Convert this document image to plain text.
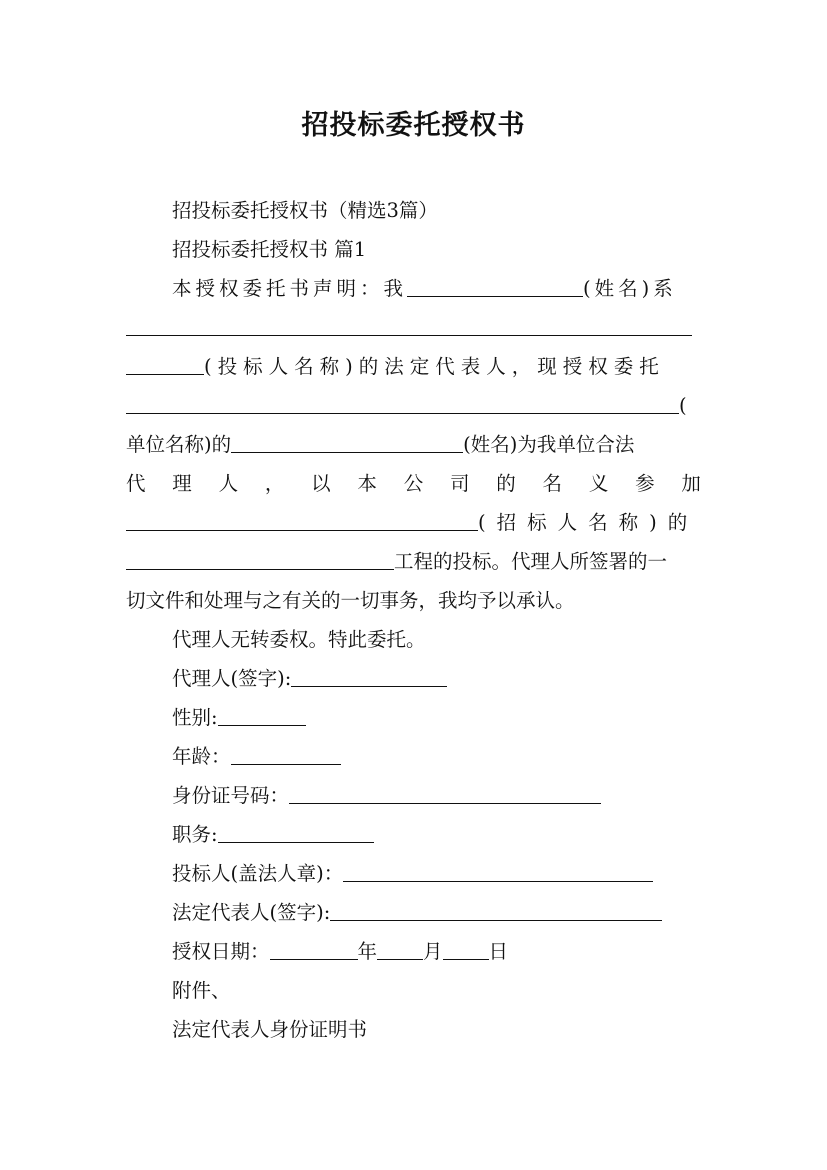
招投标委托授权书
招投标委托授权书（精选3篇）
招投标委托授权书 篇1
本授权委托书声明：我	(姓名)系
(投标人名称)的法定代表人，现授权委托
(
单位名称)的	(姓名)为我单位合法
代 理 人 ， 以 本 公 司 的 名 义 参 加
(招标人名称)的
工程的投标。代理人所签署的一
切文件和处理与之有关的一切事务，我均予以承认。
代理人无转委权。特此委托。
代理人(签字):
性别:
年龄：
身份证号码：
职务:
投标人(盖法人章)：
法定代表人(签字):
授权日期：	年 月 日
附件、
法定代表人身份证明书
